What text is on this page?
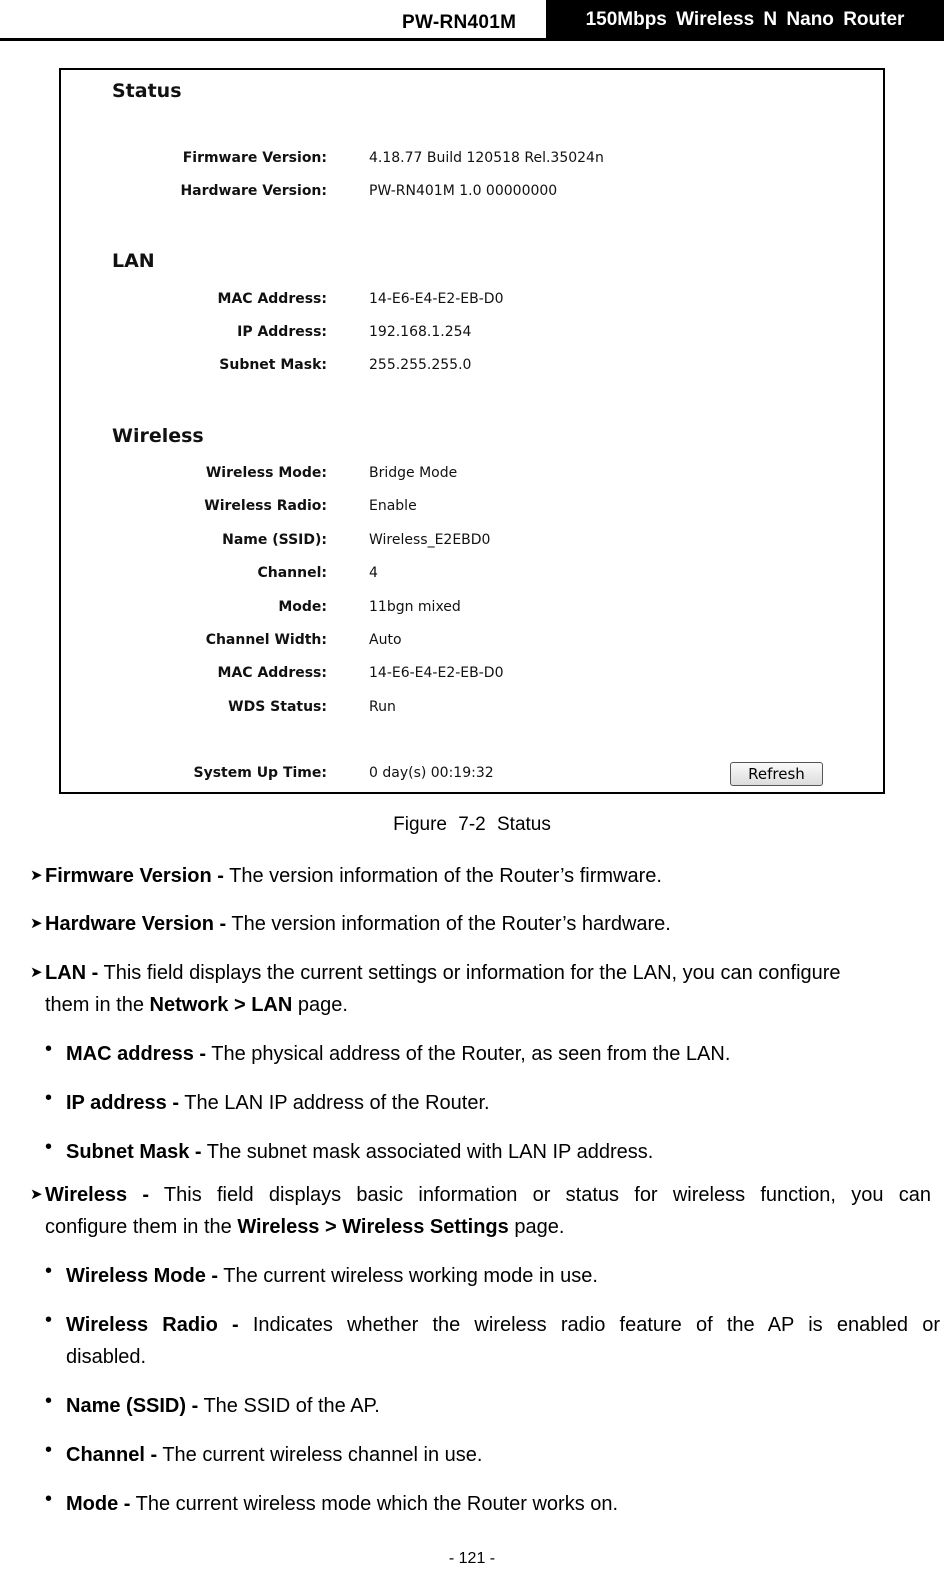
PW-RN401M	150Mbps Wireless N Nano Router
Status
Firmware Version:	4.18.77 Build 120518 Rel.35024n
Hardware Version:	PW-RN401M 1.0 00000000
LAN
MAC Address:	14-E6-E4-E2-EB-D0
IP Address:	192.168.1.254
Subnet Mask:	255.255.255.0
Wireless
Wireless Mode:	Bridge Mode
Wireless Radio:	Enable
Name (SSID):	Wireless_E2EBD0
Channel:	4
Mode:	11bgn mixed
Channel Width:	Auto
MAC Address:	14-E6-E4-E2-EB-D0
WDS Status:	Run
System Up Time:	0 day(s) 00:19:32	Refresh
Figure 7-2 Status
➤ Firmware Version - The version information of the Router’s firmware.
➤ Hardware Version - The version information of the Router’s hardware.
➤ LAN - This field displays the current settings or information for the LAN, you can configure
them in the Network > LAN page.
• MAC address - The physical address of the Router, as seen from the LAN.
• IP address - The LAN IP address of the Router.
• Subnet Mask - The subnet mask associated with LAN IP address.
➤ Wireless - This field displays basic information or status for wireless function, you can
configure them in the Wireless > Wireless Settings page.
• Wireless Mode - The current wireless working mode in use.
• Wireless Radio - Indicates whether the wireless radio feature of the AP is enabled or
disabled.
• Name (SSID) - The SSID of the AP.
• Channel - The current wireless channel in use.
• Mode - The current wireless mode which the Router works on.
- 121 -
